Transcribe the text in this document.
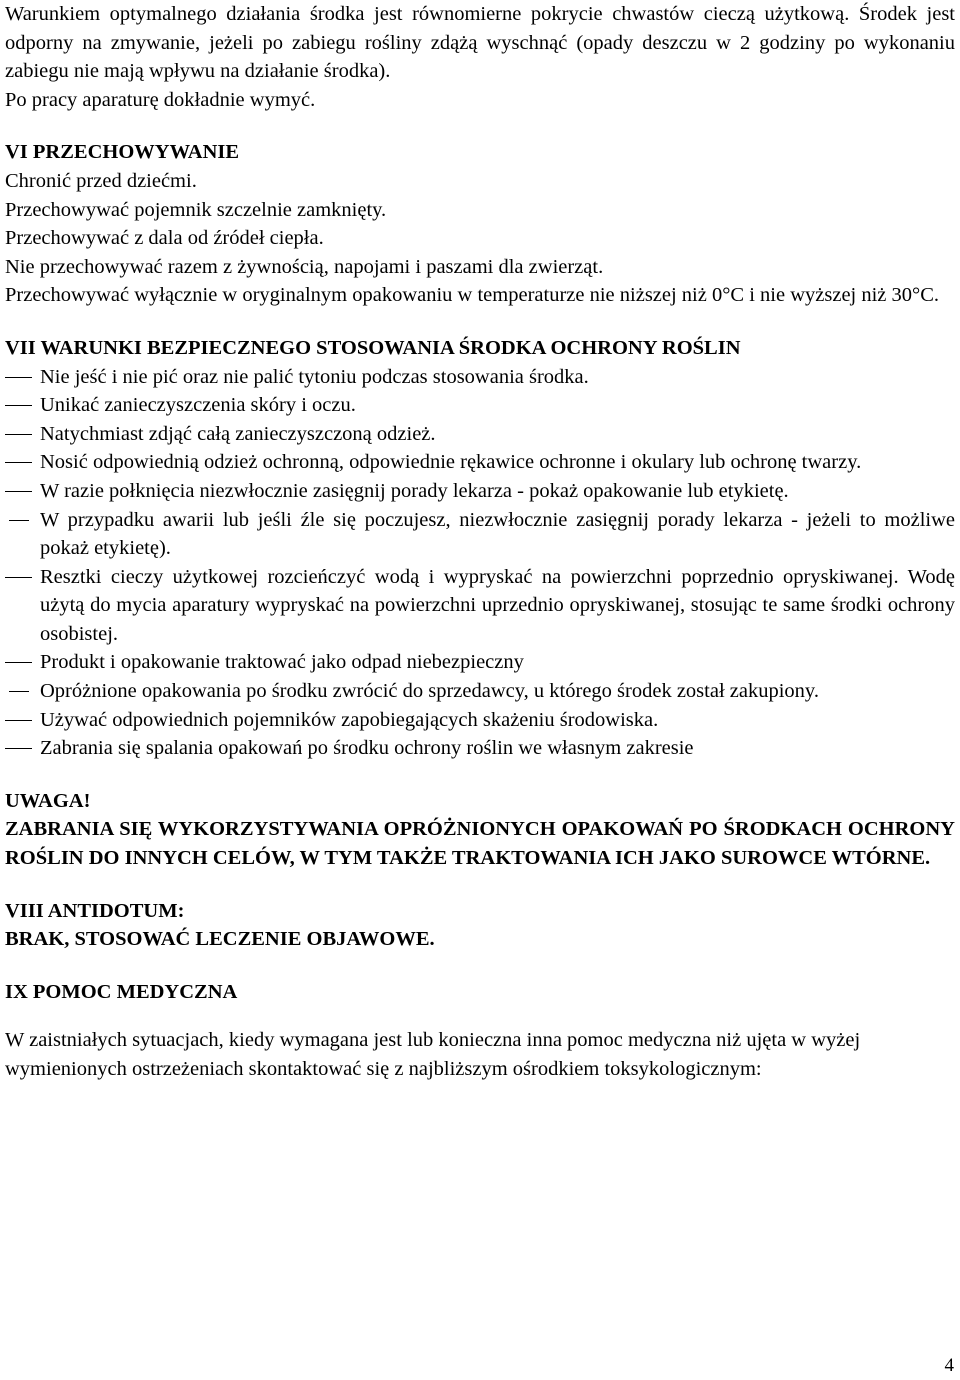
Warunkiem optymalnego działania środka jest równomierne pokrycie chwastów cieczą użytkową. Środek jest odporny na zmywanie, jeżeli po zabiegu rośliny zdążą wyschnąć (opady deszczu w 2 godziny po wykonaniu zabiegu nie mają wpływu na działanie środka).

Po pracy aparaturę dokładnie wymyć.

VI PRZECHOWYWANIE

Chronić przed dziećmi.

Przechowywać pojemnik szczelnie zamknięty.

Przechowywać z dala od źródeł ciepła.

Nie przechowywać razem z żywnością, napojami i paszami dla zwierząt.

Przechowywać wyłącznie w oryginalnym opakowaniu w temperaturze nie niższej niż 0°C i nie wyższej niż 30°C.

VII WARUNKI BEZPIECZNEGO STOSOWANIA ŚRODKA OCHRONY ROŚLIN

Nie jeść i nie pić oraz nie palić tytoniu podczas stosowania środka.
Unikać zanieczyszczenia skóry i oczu.
Natychmiast zdjąć całą zanieczyszczoną odzież.
Nosić odpowiednią odzież ochronną, odpowiednie rękawice ochronne i okulary lub ochronę twarzy.
W razie połknięcia niezwłocznie zasięgnij porady lekarza - pokaż opakowanie lub etykietę.
W przypadku awarii lub jeśli źle się poczujesz, niezwłocznie zasięgnij porady lekarza - jeżeli to możliwe pokaż etykietę).
Resztki cieczy użytkowej rozcieńczyć wodą i wypryskać na powierzchni poprzednio opryskiwanej. Wodę użytą do mycia aparatury wypryskać na powierzchni uprzednio opryskiwanej, stosując te same środki ochrony osobistej.
Produkt i opakowanie traktować jako odpad niebezpieczny
Opróżnione opakowania po środku zwrócić do sprzedawcy, u którego środek został zakupiony.
Używać odpowiednich pojemników zapobiegających skażeniu środowiska.
Zabrania się spalania opakowań po środku ochrony roślin we własnym zakresie

UWAGA!

ZABRANIA SIĘ WYKORZYSTYWANIA OPRÓŻNIONYCH OPAKOWAŃ PO ŚRODKACH OCHRONY ROŚLIN DO INNYCH CELÓW, W TYM TAKŻE TRAKTOWANIA ICH JAKO SUROWCE WTÓRNE.

VIII ANTIDOTUM:

BRAK, STOSOWAĆ LECZENIE OBJAWOWE.

IX POMOC MEDYCZNA

W zaistniałych sytuacjach, kiedy wymagana jest lub konieczna inna pomoc medyczna niż ujęta w wyżej wymienionych ostrzeżeniach skontaktować się z najbliższym ośrodkiem toksykologicznym:

4
